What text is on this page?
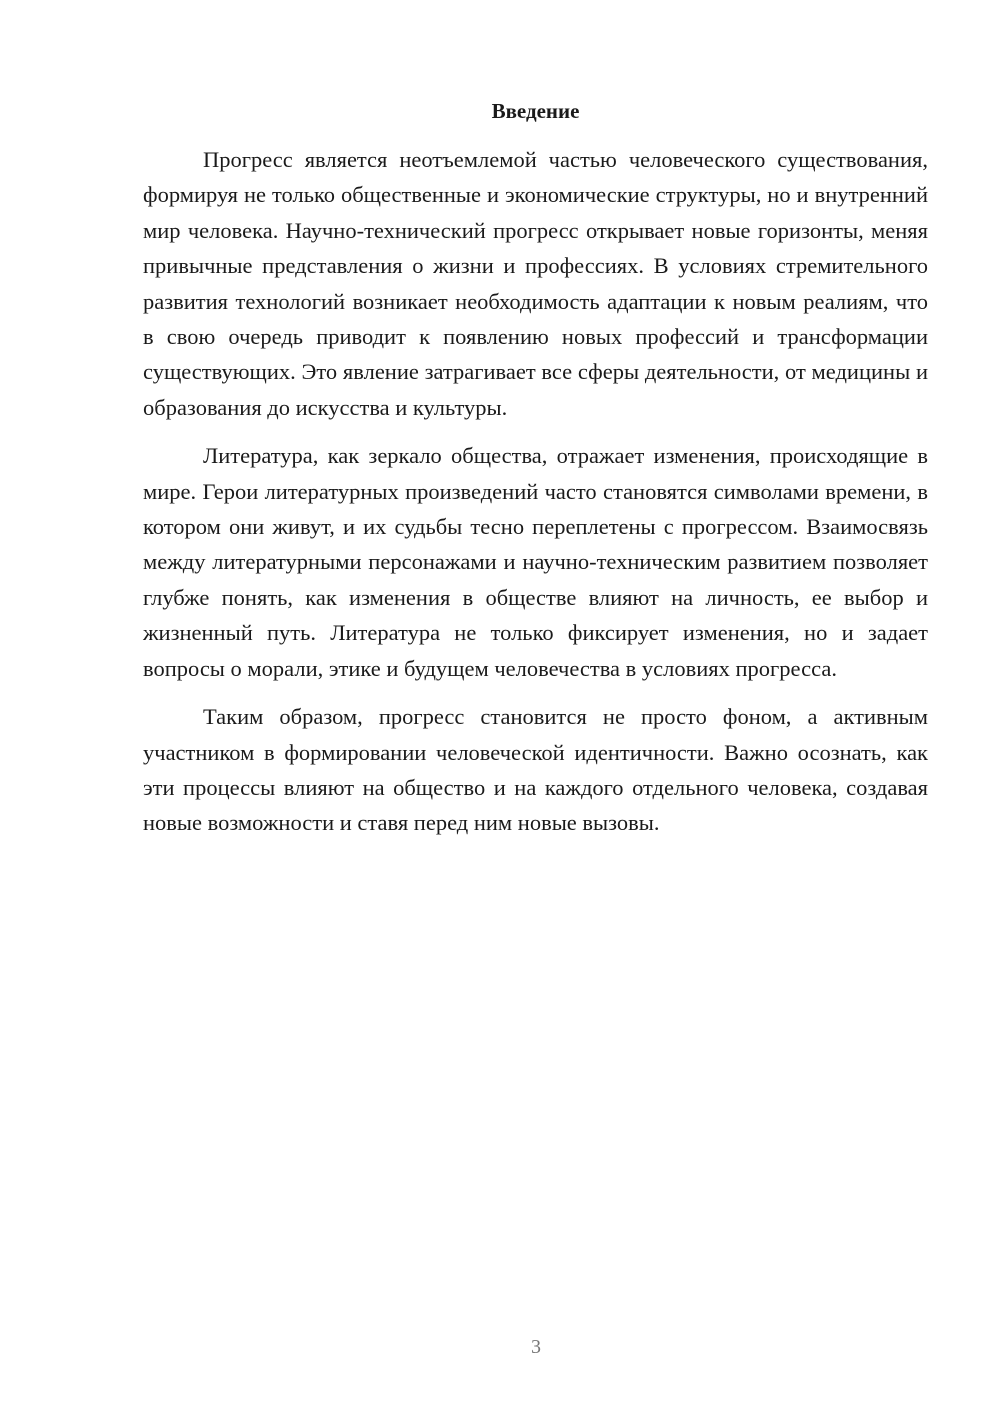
Введение

Прогресс является неотъемлемой частью человеческого существования, формируя не только общественные и экономические структуры, но и внутренний мир человека. Научно-технический прогресс открывает новые горизонты, меняя привычные представления о жизни и профессиях. В условиях стремительного развития технологий возникает необходимость адаптации к новым реалиям, что в свою очередь приводит к появлению новых профессий и трансформации существующих. Это явление затрагивает все сферы деятельности, от медицины и образования до искусства и культуры.

Литература, как зеркало общества, отражает изменения, происходящие в мире. Герои литературных произведений часто становятся символами времени, в котором они живут, и их судьбы тесно переплетены с прогрессом. Взаимосвязь между литературными персонажами и научно-техническим развитием позволяет глубже понять, как изменения в обществе влияют на личность, ее выбор и жизненный путь. Литература не только фиксирует изменения, но и задает вопросы о морали, этике и будущем человечества в условиях прогресса.

Таким образом, прогресс становится не просто фоном, а активным участником в формировании человеческой идентичности. Важно осознать, как эти процессы влияют на общество и на каждого отдельного человека, создавая новые возможности и ставя перед ним новые вызовы.

3
